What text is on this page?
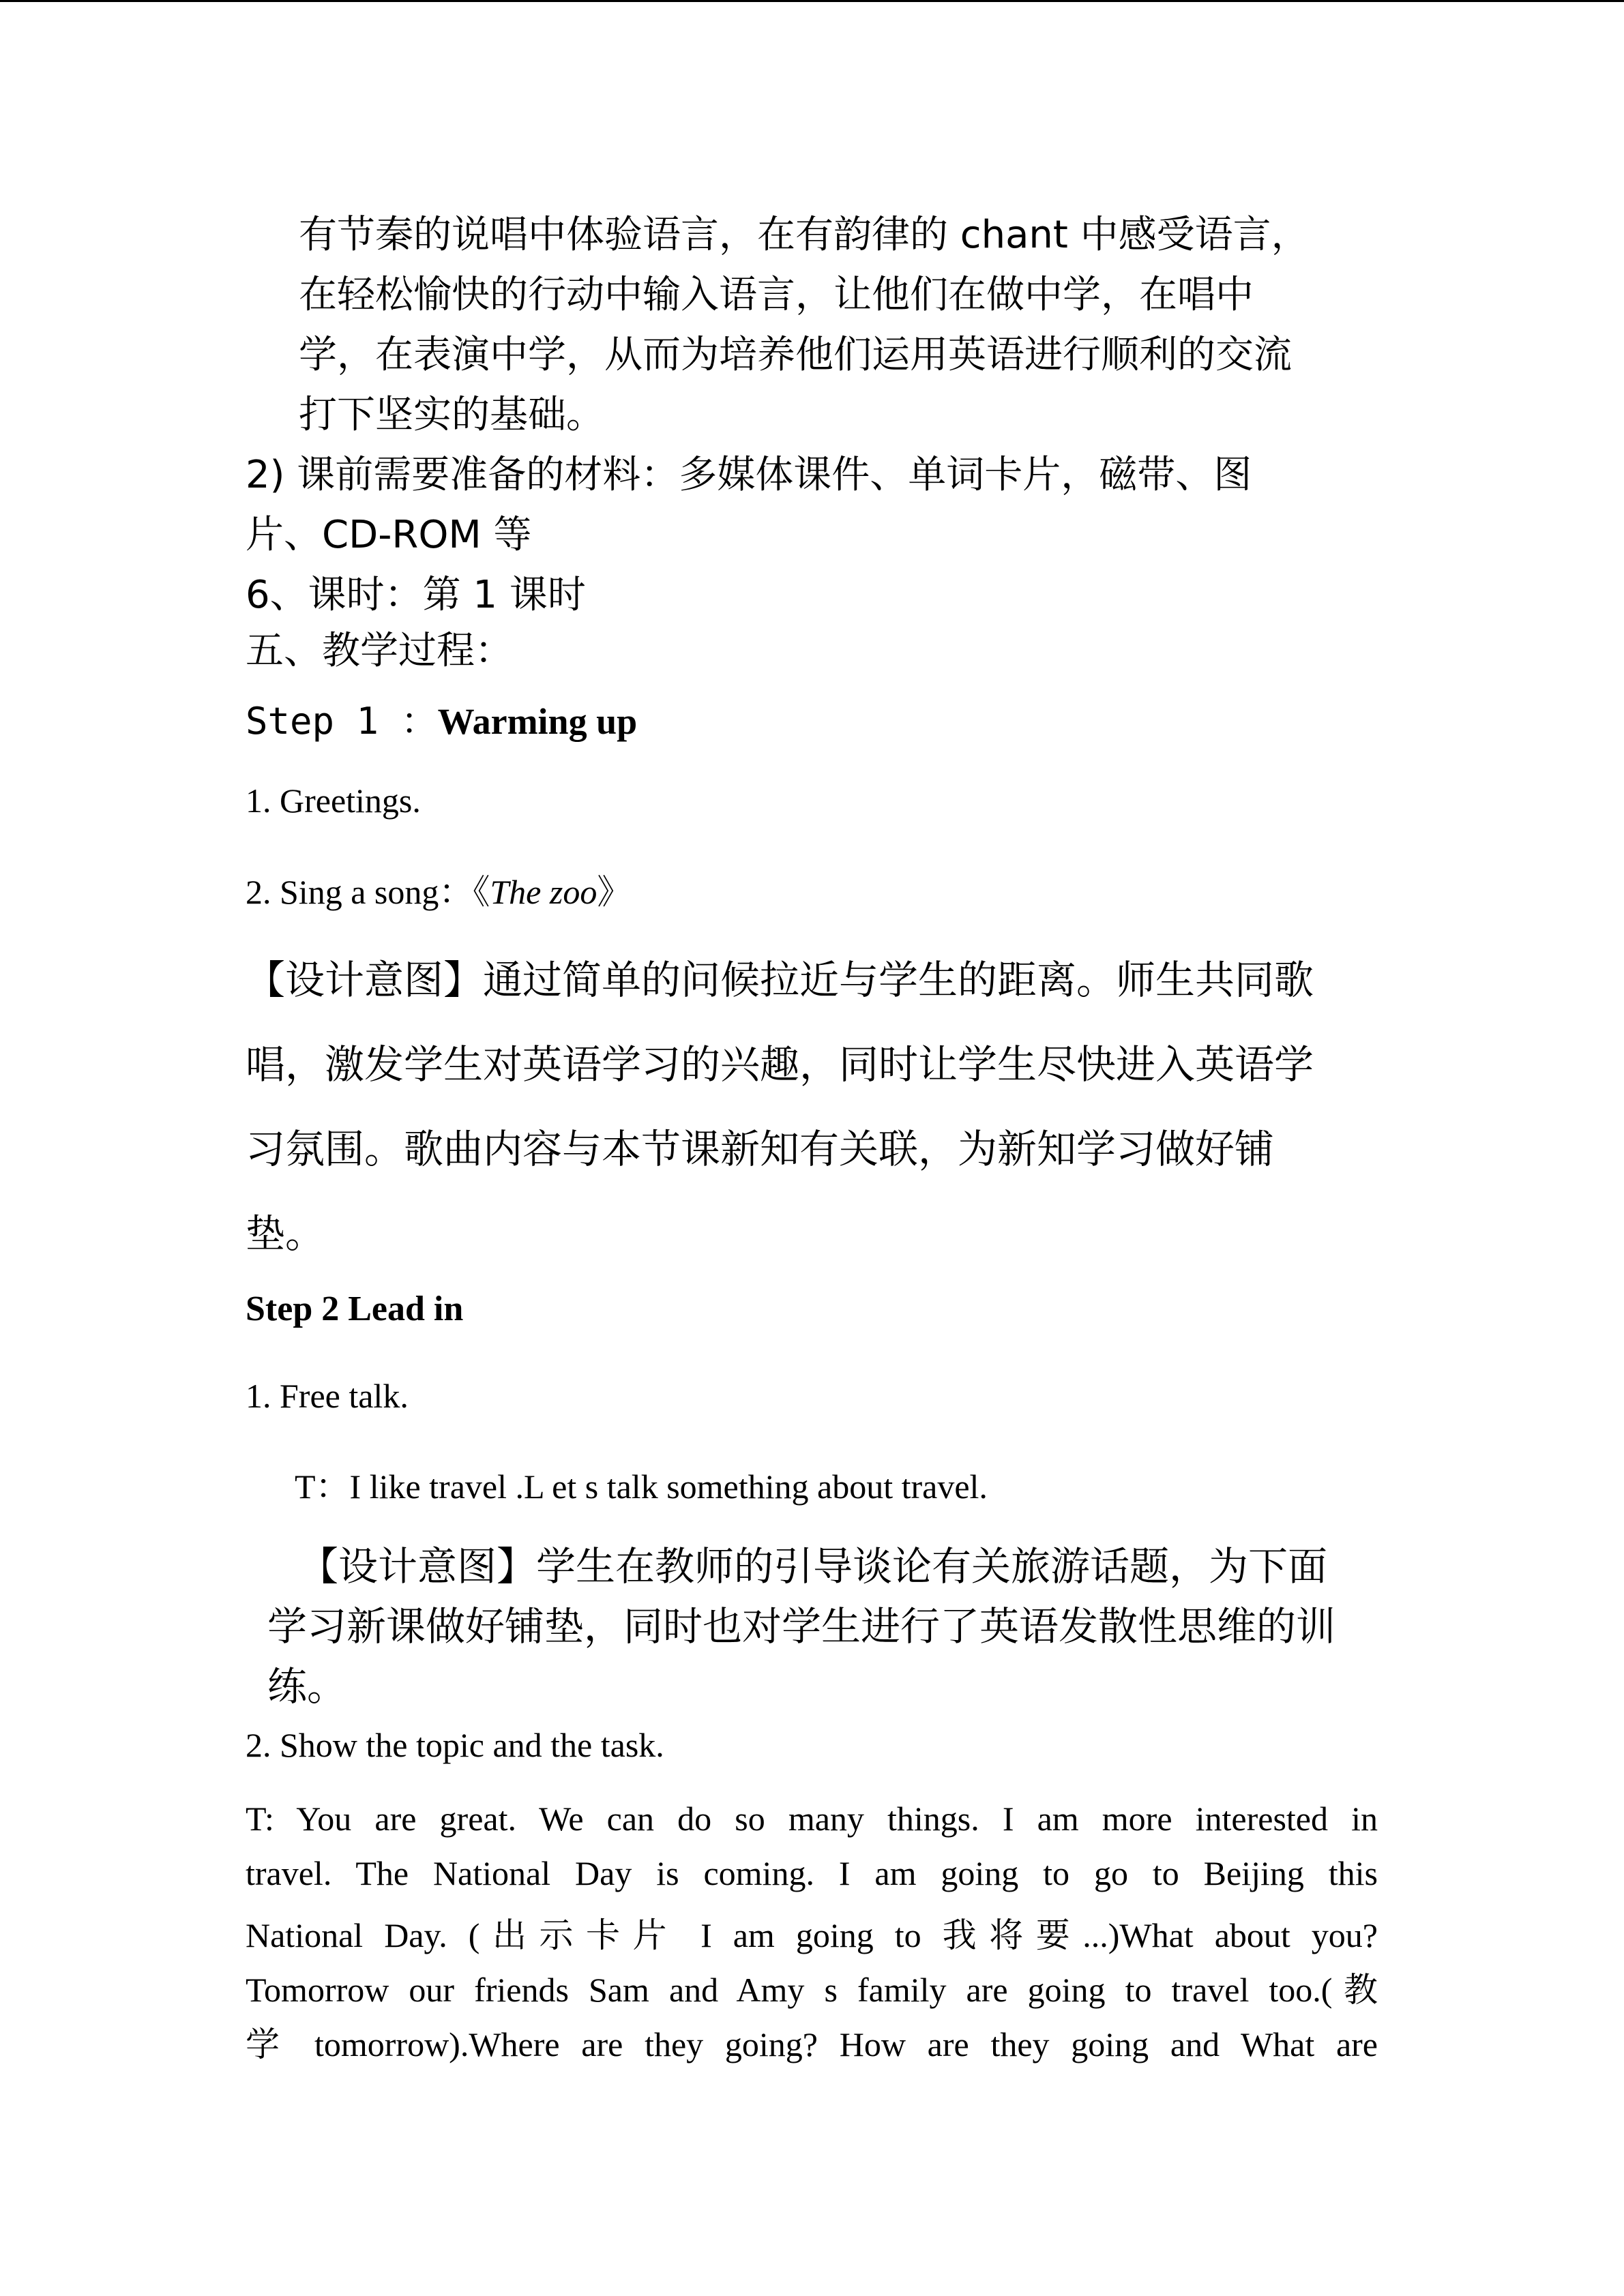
有节秦的说唱中体验语言，在有韵律的 chant 中感受语言，
在轻松愉快的行动中输入语言，让他们在做中学，在唱中
学，在表演中学，从而为培养他们运用英语进行顺利的交流
打下坚实的基础。
2) 课前需要准备的材料：多媒体课件、单词卡片，磁带、图
片、CD-ROM 等
6、课时：第 1 课时
五、教学过程：
Step 1 ：Warming up
1. Greetings.
2. Sing a song：《The zoo》
【设计意图】通过简单的问候拉近与学生的距离。师生共同歌
唱，激发学生对英语学习的兴趣，同时让学生尽快进入英语学
习氛围。歌曲内容与本节课新知有关联，为新知学习做好铺
垫。
Step 2 Lead in
1. Free talk.
T：I like travel .L et s talk something about travel.
【设计意图】学生在教师的引导谈论有关旅游话题，为下面
学习新课做好铺垫，同时也对学生进行了英语发散性思维的训
练。
2. Show the topic and the task.
T: You are great. We can do so many things. I am more interested in
travel. The National Day is coming. I am going to go to Beijing this
National Day. (出示卡片 I am going to 我将要...)What about you?
Tomorrow our friends Sam and Amy s family are going to travel too.(教
学 tomorrow).Where are they going? How are they going and What are
